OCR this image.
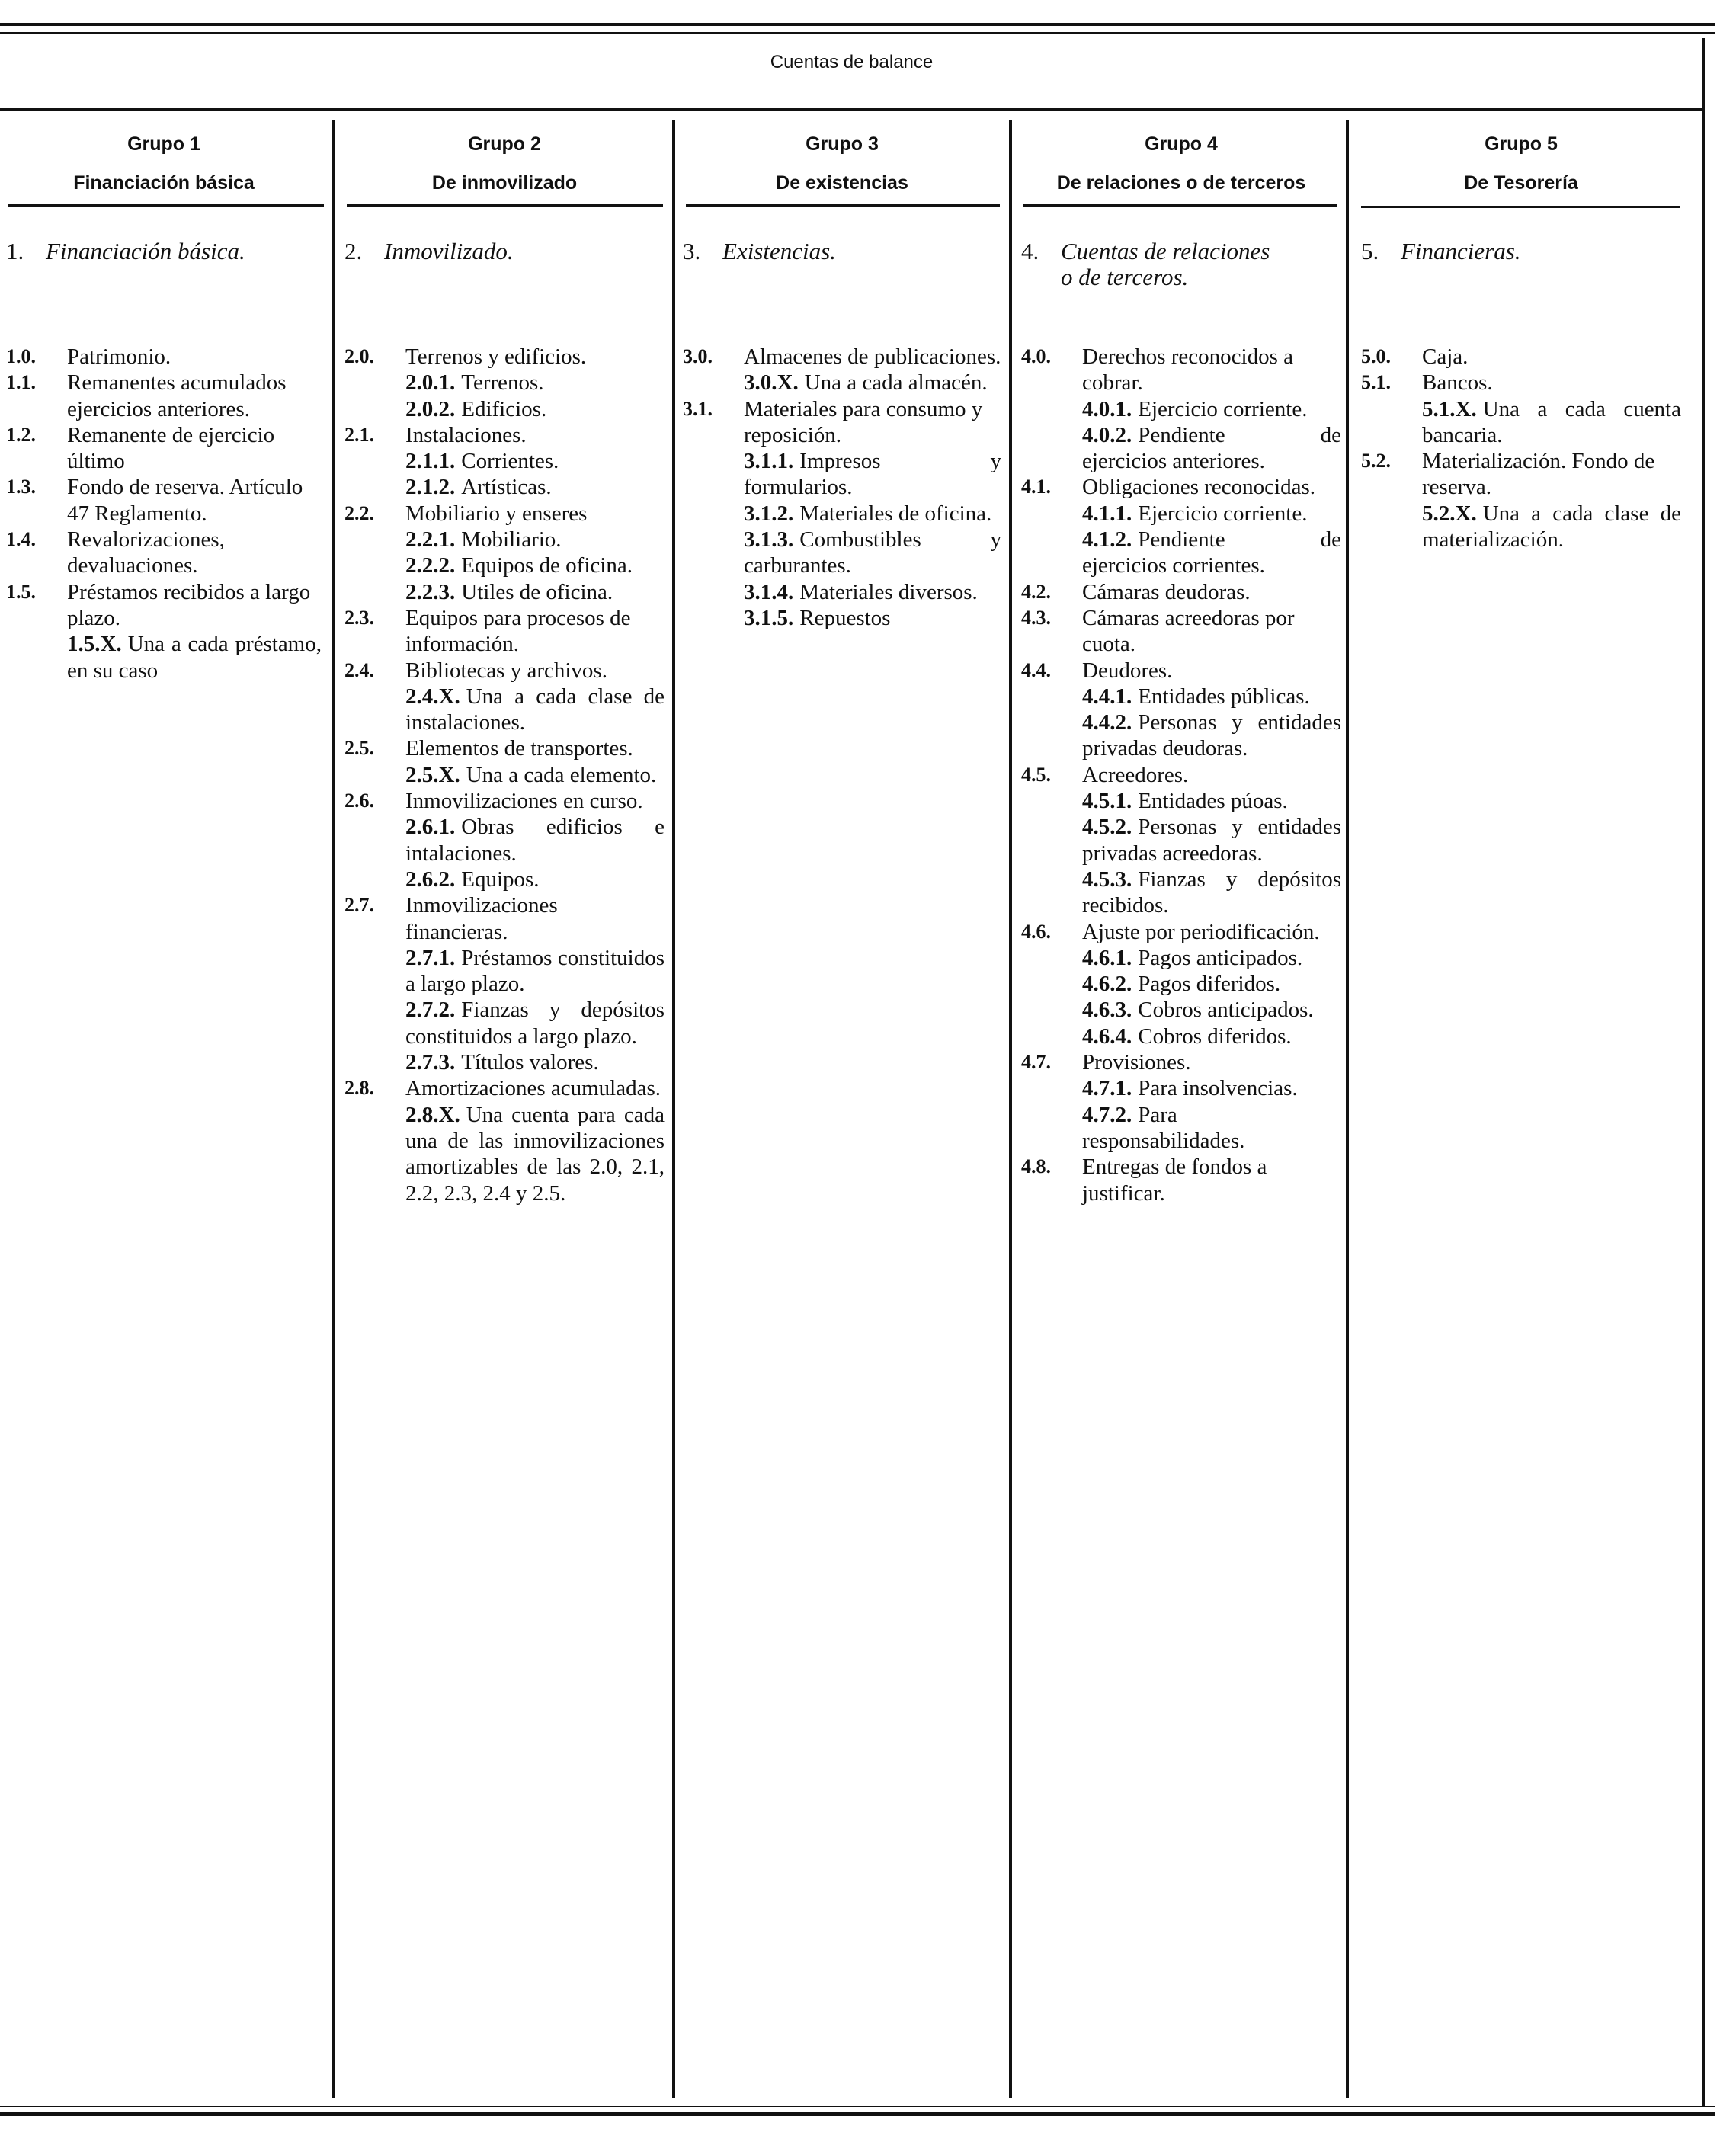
Cuentas de balance
Grupo 1
Financiación básica
1. Financiación básica.
1.0. Patrimonio.
1.1. Remanentes acumulados ejercicios anteriores.
1.2. Remanente de ejercicio último
1.3. Fondo de reserva. Artículo 47 Reglamento.
1.4. Revalorizaciones, devaluaciones.
1.5. Préstamos recibidos a largo plazo.
1.5.X. Una a cada préstamo, en su caso
Grupo 2
De inmovilizado
2. Inmovilizado.
2.0. Terrenos y edificios.
2.0.1. Terrenos.
2.0.2. Edificios.
2.1. Instalaciones.
2.1.1. Corrientes.
2.1.2. Artísticas.
2.2. Mobiliario y enseres
2.2.1. Mobiliario.
2.2.2. Equipos de oficina.
2.2.3. Utiles de oficina.
2.3. Equipos para procesos de información.
2.4. Bibliotecas y archivos.
2.4.X. Una a cada clase de instalaciones.
2.5. Elementos de transportes.
2.5.X. Una a cada elemento.
2.6. Inmovilizaciones en curso.
2.6.1. Obras edificios e intalaciones.
2.6.2. Equipos.
2.7. Inmovilizaciones financieras.
2.7.1. Préstamos constituidos a largo plazo.
2.7.2. Fianzas y depósitos constituidos a largo plazo.
2.7.3. Títulos valores.
2.8. Amortizaciones acumuladas.
2.8.X. Una cuenta para cada una de las inmovilizaciones amortizables de las 2.0, 2.1, 2.2, 2.3, 2.4 y 2.5.
Grupo 3
De existencias
3. Existencias.
3.0. Almacenes de publicaciones.
3.0.X. Una a cada almacén.
3.1. Materiales para consumo y reposición.
3.1.1. Impresos y formularios.
3.1.2. Materiales de oficina.
3.1.3. Combustibles y carburantes.
3.1.4. Materiales diversos.
3.1.5. Repuestos
Grupo 4
De relaciones o de terceros
4. Cuentas de relaciones
o de terceros.
4.0. Derechos reconocidos a cobrar.
4.0.1. Ejercicio corriente.
4.0.2. Pendiente de ejercicios anteriores.
4.1. Obligaciones reconocidas.
4.1.1. Ejercicio corriente.
4.1.2. Pendiente de ejercicios corrientes.
4.2. Cámaras deudoras.
4.3. Cámaras acreedoras por cuota.
4.4. Deudores.
4.4.1. Entidades públicas.
4.4.2. Personas y entidades privadas deudoras.
4.5. Acreedores.
4.5.1. Entidades púoas.
4.5.2. Personas y entidades privadas acreedoras.
4.5.3. Fianzas y depósitos recibidos.
4.6. Ajuste por periodificación.
4.6.1. Pagos anticipados.
4.6.2. Pagos diferidos.
4.6.3. Cobros anticipados.
4.6.4. Cobros diferidos.
4.7. Provisiones.
4.7.1. Para insolvencias.
4.7.2. Para responsabilidades.
4.8. Entregas de fondos a justificar.
Grupo 5
De Tesorería
5. Financieras.
5.0. Caja.
5.1. Bancos.
5.1.X. Una a cada cuenta bancaria.
5.2. Materialización. Fondo de reserva.
5.2.X. Una a cada clase de materialización.
